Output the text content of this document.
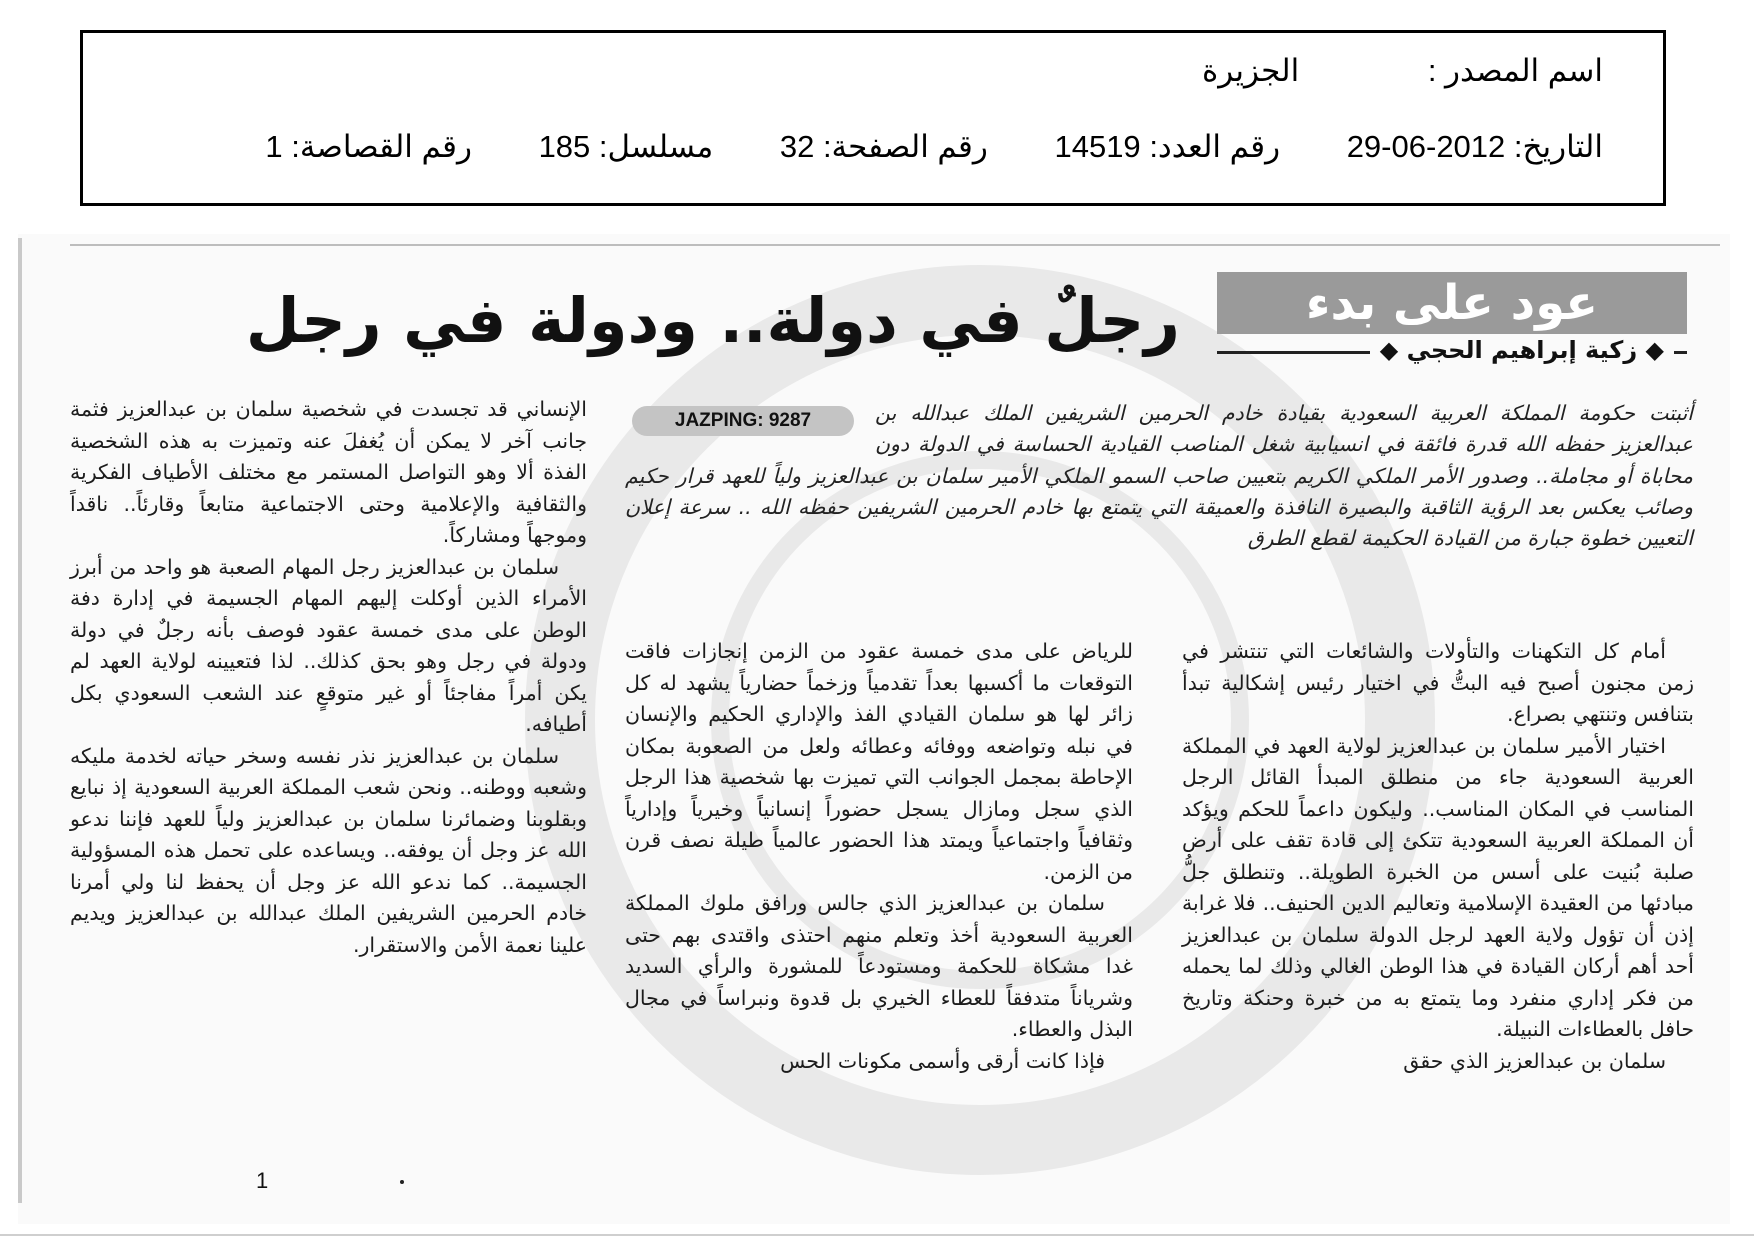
اسم المصدر : الجزيرة
التاريخ: 2012-06-29 رقم العدد: 14519 رقم الصفحة: 32 مسلسل: 185 رقم القصاصة: 1
عود على بدء
◆ زكية إبراهيم الحجي ◆
رجلٌ في دولة.. ودولة في رجل
أثبتت حكومة المملكة العربية السعودية بقيادة خادم الحرمين الشريفين الملك عبدالله بن عبدالعزيز حفظه الله قدرة فائقة في انسيابية شغل المناصب القيادية الحساسة في الدولة دون محاباة أو مجاملة.. وصدور الأمر الملكي الكريم بتعيين صاحب السمو الملكي الأمير سلمان بن عبدالعزيز ولياً للعهد قرار حكيم وصائب يعكس بعد الرؤية الثاقبة والبصيرة النافذة والعميقة التي يتمتع بها خادم الحرمين الشريفين حفظه الله .. سرعة إعلان التعيين خطوة جبارة من القيادة الحكيمة لقطع الطرق
JAZPING: 9287

أمام كل التكهنات والتأولات والشائعات التي تنتشر في زمن مجنون أصبح فيه البتُّ في اختيار رئيس إشكالية تبدأ بتنافس وتنتهي بصراع.

اختيار الأمير سلمان بن عبدالعزيز لولاية العهد في المملكة العربية السعودية جاء من منطلق المبدأ القائل الرجل المناسب في المكان المناسب.. وليكون داعماً للحكم ويؤكد أن المملكة العربية السعودية تتكئ إلى قادة تقف على أرض صلبة بُنيت على أسس من الخبرة الطويلة.. وتنطلق جلُّ مبادئها من العقيدة الإسلامية وتعاليم الدين الحنيف.. فلا غرابة إذن أن تؤول ولاية العهد لرجل الدولة سلمان بن عبدالعزيز أحد أهم أركان القيادة في هذا الوطن الغالي وذلك لما يحمله من فكر إداري منفرد وما يتمتع به من خبرة وحنكة وتاريخ حافل بالعطاءات النبيلة.

سلمان بن عبدالعزيز الذي حقق

للرياض على مدى خمسة عقود من الزمن إنجازات فاقت التوقعات ما أكسبها بعداً تقدمياً وزخماً حضارياً يشهد له كل زائر لها هو سلمان القيادي الفذ والإداري الحكيم والإنسان في نبله وتواضعه ووفائه وعطائه ولعل من الصعوبة بمكان الإحاطة بمجمل الجوانب التي تميزت بها شخصية هذا الرجل الذي سجل ومازال يسجل حضوراً إنسانياً وخيرياً وإدارياً وثقافياً واجتماعياً ويمتد هذا الحضور عالمياً طيلة نصف قرن من الزمن.

سلمان بن عبدالعزيز الذي جالس ورافق ملوك المملكة العربية السعودية أخذ وتعلم منهم احتذى واقتدى بهم حتى غدا مشكاة للحكمة ومستودعاً للمشورة والرأي السديد وشرياناً متدفقاً للعطاء الخيري بل قدوة ونبراساً في مجال البذل والعطاء.

فإذا كانت أرقى وأسمى مكونات الحس

الإنساني قد تجسدت في شخصية سلمان بن عبدالعزيز فثمة جانب آخر لا يمكن أن يُغفلَ عنه وتميزت به هذه الشخصية الفذة ألا وهو التواصل المستمر مع مختلف الأطياف الفكرية والثقافية والإعلامية وحتى الاجتماعية متابعاً وقارئاً.. ناقداً وموجهاً ومشاركاً.

سلمان بن عبدالعزيز رجل المهام الصعبة هو واحد من أبرز الأمراء الذين أوكلت إليهم المهام الجسيمة في إدارة دفة الوطن على مدى خمسة عقود فوصف بأنه رجلٌ في دولة ودولة في رجل وهو بحق كذلك.. لذا فتعيينه لولاية العهد لم يكن أمراً مفاجئاً أو غير متوقعٍ عند الشعب السعودي بكل أطيافه.

سلمان بن عبدالعزيز نذر نفسه وسخر حياته لخدمة مليكه وشعبه ووطنه.. ونحن شعب المملكة العربية السعودية إذ نبايع وبقلوبنا وضمائرنا سلمان بن عبدالعزيز ولياً للعهد فإننا ندعو الله عز وجل أن يوفقه.. ويساعده على تحمل هذه المسؤولية الجسيمة.. كما ندعو الله عز وجل أن يحفظ لنا ولي أمرنا خادم الحرمين الشريفين الملك عبدالله بن عبدالعزيز ويديم علينا نعمة الأمن والاستقرار.

1
